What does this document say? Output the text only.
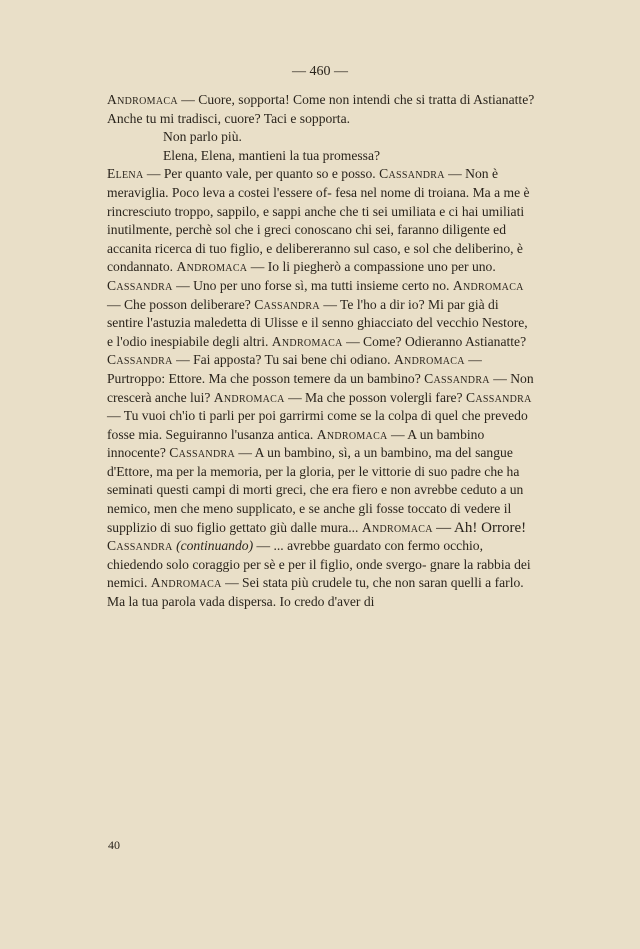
— 460 —
Andromaca — Cuore, sopporta! Come non intendi che si tratta di Astianatte? Anche tu mi tradisci, cuore? Taci e sopporta.
Non parlo più.
Elena, Elena, mantieni la tua promessa?
Elena — Per quanto vale, per quanto so e posso. Cassandra — Non è meraviglia. Poco leva a costei l'essere of- fesa nel nome di troiana. Ma a me è rincresciuto troppo, sappilo, e sappi anche che ti sei umiliata e ci hai umiliati inutilmente, perchè sol che i greci conoscano chi sei, faranno diligente ed accanita ricerca di tuo figlio, e delibereranno sul caso, e sol che deliberino, è condannato. Andromaca — Io li piegherò a compassione uno per uno. Cassandra — Uno per uno forse sì, ma tutti insieme certo no. Andromaca — Che posson deliberare? Cassandra — Te l'ho a dir io? Mi par già di sentire l'astuzia maledetta di Ulisse e il senno ghiacciato del vecchio Nestore, e l'odio inespiabile degli altri. Andromaca — Come? Odieranno Astianatte? Cassandra — Fai apposta? Tu sai bene chi odiano. Andromaca — Purtroppo: Ettore. Ma che posson temere da un bambino? Cassandra — Non crescerà anche lui? Andromaca — Ma che posson volergli fare? Cassandra — Tu vuoi ch'io ti parli per poi garrirmi come se la colpa di quel che prevedo fosse mia. Seguiranno l'usanza antica. Andromaca — A un bambino innocente? Cassandra — A un bambino, sì, a un bambino, ma del sangue d'Ettore, ma per la memoria, per la gloria, per le vittorie di suo padre che ha seminati questi campi di morti greci, che era fiero e non avrebbe ceduto a un nemico, men che meno supplicato, e se anche gli fosse toccato di vedere il supplizio di suo figlio gettato giù dalle mura... Andromaca — Ah! Orrore! Cassandra (continuando) — ... avrebbe guardato con fermo occhio, chiedendo solo coraggio per sè e per il figlio, onde svergo- gnare la rabbia dei nemici. Andromaca — Sei stata più crudele tu, che non saran quelli a farlo. Ma la tua parola vada dispersa. Io credo d'aver di
40
